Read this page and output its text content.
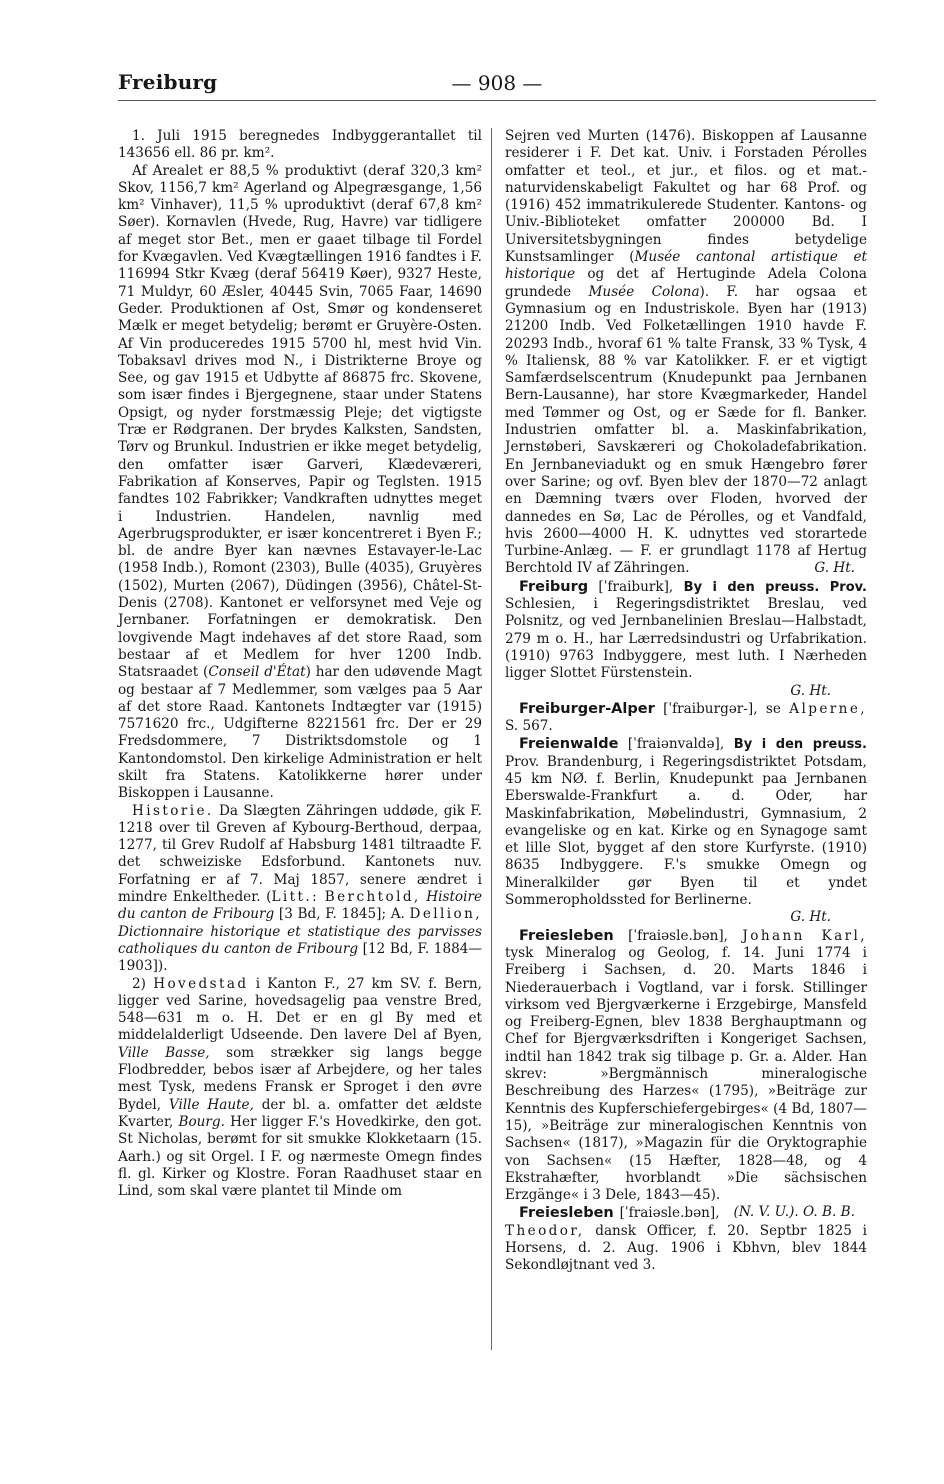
Freiburg	— 908 —

1. Juli 1915 beregnedes Indbyggerantallet til 143656 ell. 86 pr. km².

Af Arealet er 88,5 % produktivt (deraf 320,3 km² Skov, 1156,7 km² Agerland og Alpegræsgange, 1,56 km² Vinhaver), 11,5 % uproduktivt (deraf 67,8 km² Søer). Kornavlen (Hvede, Rug, Havre) var tidligere af meget stor Bet., men er gaaet tilbage til Fordel for Kvægavlen. Ved Kvægtællingen 1916 fandtes i F. 116994 Stkr Kvæg (deraf 56419 Køer), 9327 Heste, 71 Muldyr, 60 Æsler, 40445 Svin, 7065 Faar, 14690 Geder. Produktionen af Ost, Smør og kondenseret Mælk er meget betydelig; berømt er Gruyère-Osten. Af Vin produceredes 1915 5700 hl, mest hvid Vin. Tobaksavl drives mod N., i Distrikterne Broye og See, og gav 1915 et Udbytte af 86875 frc. Skovene, som især findes i Bjergegnene, staar under Statens Opsigt, og nyder forstmæssig Pleje; det vigtigste Træ er Rødgranen. Der brydes Kalksten, Sandsten, Tørv og Brunkul. Industrien er ikke meget betydelig, den omfatter især Garveri, Klædeværeri, Fabrikation af Konserves, Papir og Teglsten. 1915 fandtes 102 Fabrikker; Vandkraften udnyttes meget i Industrien. Handelen, navnlig med Agerbrugsprodukter, er især koncentreret i Byen F.; bl. de andre Byer kan nævnes Estavayer-le-Lac (1958 Indb.), Romont (2303), Bulle (4035), Gruyères (1502), Murten (2067), Düdingen (3956), Châtel-St-Denis (2708). Kantonet er velforsynet med Veje og Jernbaner. Forfatningen er demokratisk. Den lovgivende Magt indehaves af det store Raad, som bestaar af et Medlem for hver 1200 Indb. Statsraadet (Conseil d'État) har den udøvende Magt og bestaar af 7 Medlemmer, som vælges paa 5 Aar af det store Raad. Kantonets Indtægter var (1915) 7571620 frc., Udgifterne 8221561 frc. Der er 29 Fredsdommere, 7 Distriktsdomstole og 1 Kantondomstol. Den kirkelige Administration er helt skilt fra Statens. Katolikkerne hører under Biskoppen i Lausanne.

Historie. Da Slægten Zähringen uddøde, gik F. 1218 over til Greven af Kybourg-Berthoud, derpaa, 1277, til Grev Rudolf af Habsburg 1481 tiltraadte F. det schweiziske Edsforbund. Kantonets nuv. Forfatning er af 7. Maj 1857, senere ændret i mindre Enkeltheder. (Litt.: Berchtold, Histoire du canton de Fribourg [3 Bd, F. 1845]; A. Dellion, Dictionnaire historique et statistique des parvisses catholiques du canton de Fribourg [12 Bd, F. 1884—1903]).

2) Hovedstad i Kanton F., 27 km SV. f. Bern, ligger ved Sarine, hovedsagelig paa venstre Bred, 548—631 m o. H. Det er en gl By med et middelalderligt Udseende. Den lavere Del af Byen, Ville Basse, som strækker sig langs begge Flodbredder, bebos især af Arbejdere, og her tales mest Tysk, medens Fransk er Sproget i den øvre Bydel, Ville Haute, der bl. a. omfatter det ældste Kvarter, Bourg. Her ligger F.'s Hovedkirke, den got. St Nicholas, berømt for sit smukke Klokketaarn (15. Aarh.) og sit Orgel. I F. og nærmeste Omegn findes fl. gl. Kirker og Klostre. Foran Raadhuset staar en Lind, som skal være plantet til Minde om

Sejren ved Murten (1476). Biskoppen af Lausanne residerer i F. Det kat. Univ. i Forstaden Pérolles omfatter et teol., et jur., et filos. og et mat.-naturvidenskabeligt Fakultet og har 68 Prof. og (1916) 452 immatrikulerede Studenter. Kantons- og Univ.-Biblioteket omfatter 200000 Bd. I Universitetsbygningen findes betydelige Kunstsamlinger (Musée cantonal artistique et historique og det af Hertuginde Adela Colona grundede Musée Colona). F. har ogsaa et Gymnasium og en Industriskole. Byen har (1913) 21200 Indb. Ved Folketællingen 1910 havde F. 20293 Indb., hvoraf 61 % talte Fransk, 33 % Tysk, 4 % Italiensk, 88 % var Katolikker. F. er et vigtigt Samfærdselscentrum (Knudepunkt paa Jernbanen Bern-Lausanne), har store Kvægmarkeder, Handel med Tømmer og Ost, og er Sæde for fl. Banker. Industrien omfatter bl. a. Maskinfabrikation, Jernstøberi, Savskæreri og Chokoladefabrikation. En Jernbaneviadukt og en smuk Hængebro fører over Sarine; og ovf. Byen blev der 1870—72 anlagt en Dæmning tværs over Floden, hvorved der dannedes en Sø, Lac de Pérolles, og et Vandfald, hvis 2600—4000 H. K. udnyttes ved storartede Turbine-Anlæg. — F. er grundlagt 1178 af Hertug Berchtold IV af Zähringen.	G. Ht.

Freiburg [ˈfraiburk], By i den preuss. Prov. Schlesien, i Regeringsdistriktet Breslau, ved Polsnitz, og ved Jernbanelinien Breslau—Halbstadt, 279 m o. H., har Lærredsindustri og Urfabrikation. (1910) 9763 Indbyggere, mest luth. I Nærheden ligger Slottet Fürstenstein.
G. Ht.

Freiburger-Alper [ˈfraiburgər-], se Alperne, S. 567.

Freienwalde [ˈfraiənvaldə], By i den preuss. Prov. Brandenburg, i Regeringsdistriktet Potsdam, 45 km NØ. f. Berlin, Knudepunkt paa Jernbanen Eberswalde-Frankfurt a. d. Oder, har Maskinfabrikation, Møbelindustri, Gymnasium, 2 evangeliske og en kat. Kirke og en Synagoge samt et lille Slot, bygget af den store Kurfyrste. (1910) 8635 Indbyggere. F.'s smukke Omegn og Mineralkilder gør Byen til et yndet Sommeropholdssted for Berlinerne.
G. Ht.

Freiesleben [ˈfraiəsle.bən], Johann Karl, tysk Mineralog og Geolog, f. 14. Juni 1774 i Freiberg i Sachsen, d. 20. Marts 1846 i Niederauerbach i Vogtland, var i forsk. Stillinger virksom ved Bjergværkerne i Erzgebirge, Mansfeld og Freiberg-Egnen, blev 1838 Berghauptmann og Chef for Bjergværksdriften i Kongeriget Sachsen, indtil han 1842 trak sig tilbage p. Gr. a. Alder. Han skrev: »Bergmännisch mineralogische Beschreibung des Harzes« (1795), »Beiträge zur Kenntnis des Kupferschiefergebirges« (4 Bd, 1807—15), »Beiträge zur mineralogischen Kenntnis von Sachsen« (1817), »Magazin für die Oryktographie von Sachsen« (15 Hæfter, 1828—48, og 4 Ekstrahæfter, hvorblandt »Die sächsischen Erzgänge« i 3 Dele, 1843—45).
(N. V. U.). O. B. B.

Freiesleben [ˈfraiəsle.bən], Theodor, dansk Officer, f. 20. Septbr 1825 i Horsens, d. 2. Aug. 1906 i Kbhvn, blev 1844 Sekondløjtnant ved 3.
